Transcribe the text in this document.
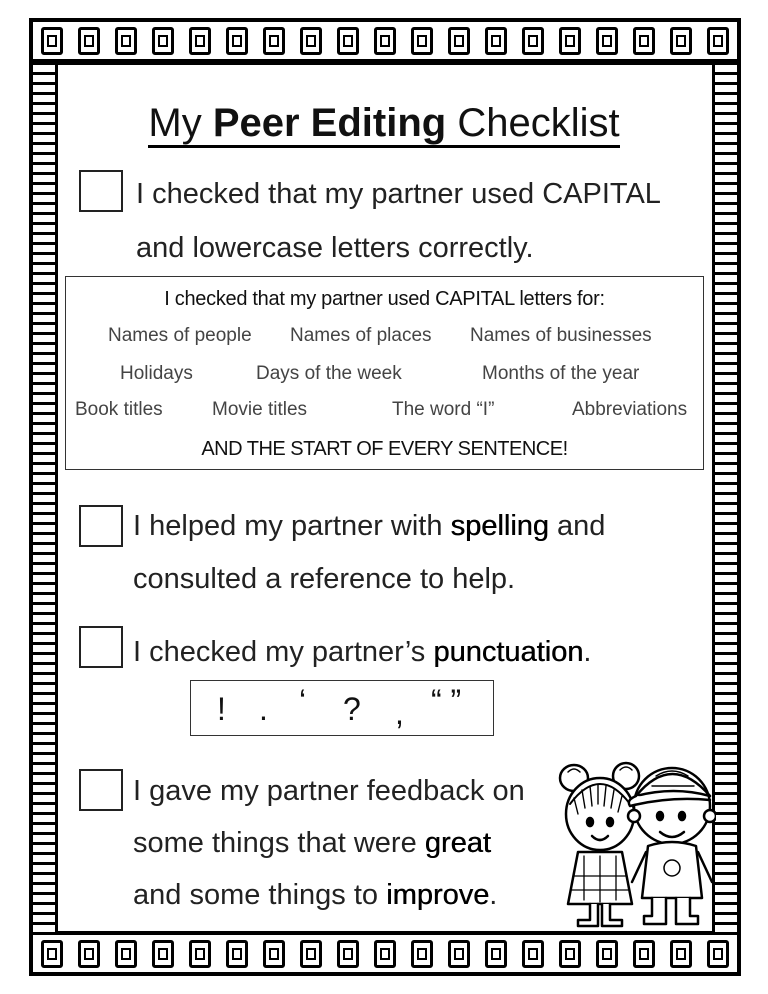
My Peer Editing Checklist
I checked that my partner used CAPITAL
and lowercase letters correctly.
I checked that my partner used CAPITAL letters for:
Names of people Names of places Names of businesses
Holidays	Days of the week	Months of the year
Book titles	Movie titles	The word “I”	Abbreviations
AND THE START OF EVERY SENTENCE!
I helped my partner with spelling and
consulted a reference to help.
I checked my partner’s punctuation.
! . ‘ ? , “ ”
I gave my partner feedback on
some things that were great
and some things to improve.
